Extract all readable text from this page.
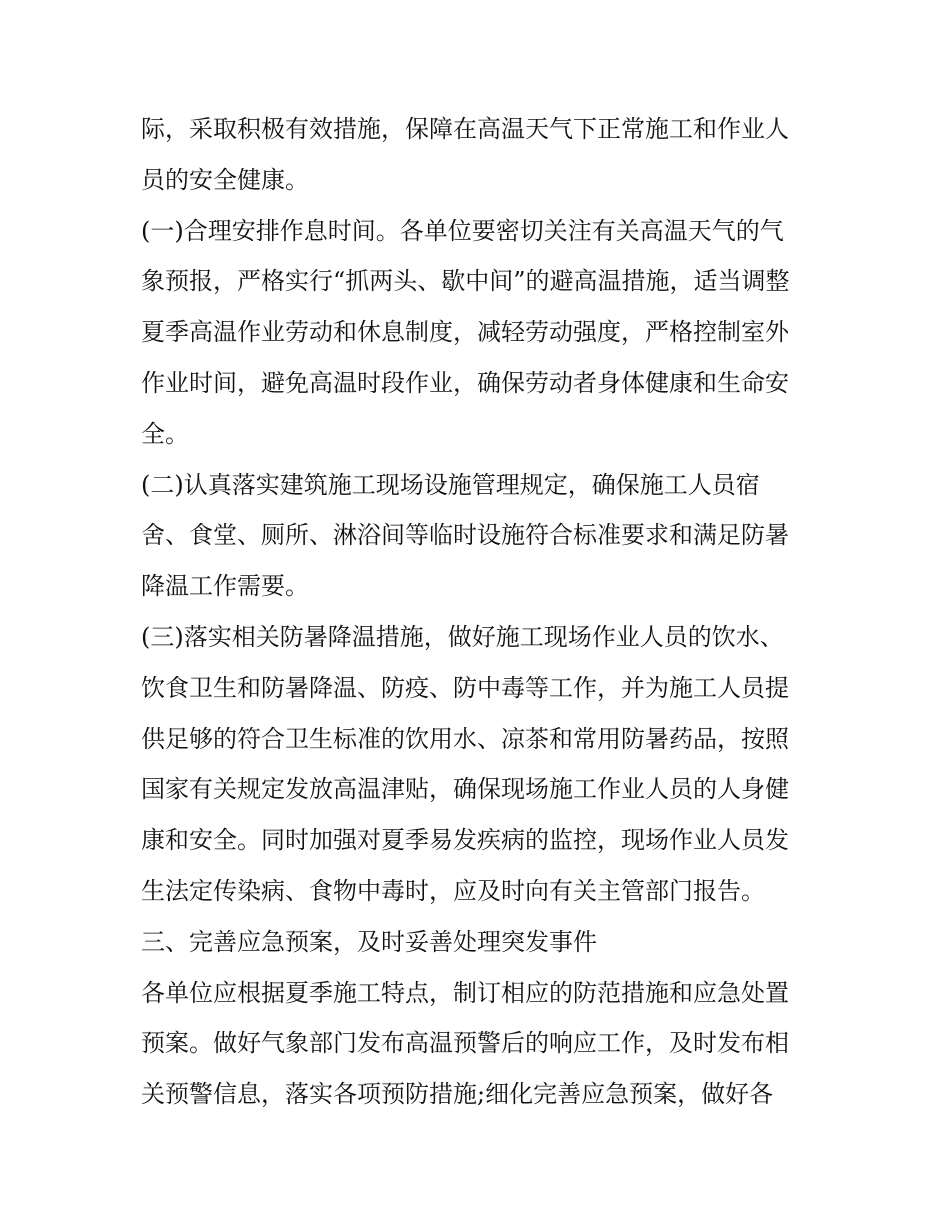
际，采取积极有效措施，保障在高温天气下正常施工和作业人
员的安全健康。
(一)合理安排作息时间。各单位要密切关注有关高温天气的气
象预报，严格实行“抓两头、歇中间”的避高温措施，适当调整
夏季高温作业劳动和休息制度，减轻劳动强度，严格控制室外
作业时间，避免高温时段作业，确保劳动者身体健康和生命安
全。
(二)认真落实建筑施工现场设施管理规定，确保施工人员宿
舍、食堂、厕所、淋浴间等临时设施符合标准要求和满足防暑
降温工作需要。
(三)落实相关防暑降温措施，做好施工现场作业人员的饮水、
饮食卫生和防暑降温、防疫、防中毒等工作，并为施工人员提
供足够的符合卫生标准的饮用水、凉茶和常用防暑药品，按照
国家有关规定发放高温津贴，确保现场施工作业人员的人身健
康和安全。同时加强对夏季易发疾病的监控，现场作业人员发
生法定传染病、食物中毒时，应及时向有关主管部门报告。
三、完善应急预案，及时妥善处理突发事件
各单位应根据夏季施工特点，制订相应的防范措施和应急处置
预案。做好气象部门发布高温预警后的响应工作，及时发布相
关预警信息，落实各项预防措施;细化完善应急预案，做好各
